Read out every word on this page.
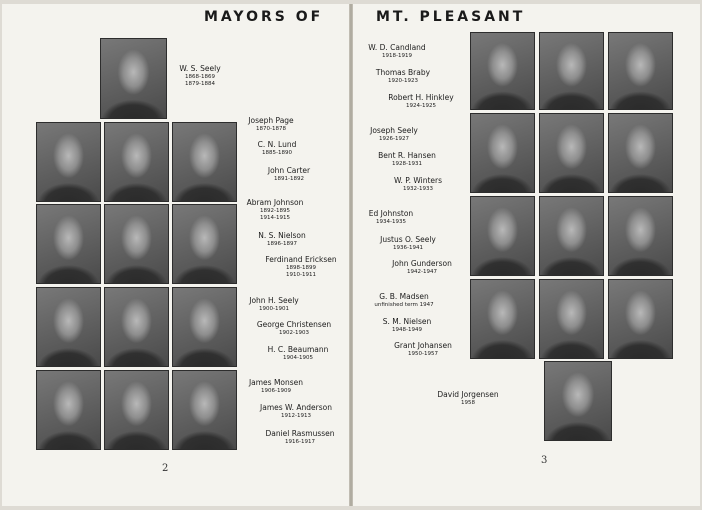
MAYORS OF	MT. PLEASANT
W. S. Seely
1868-1869
1879-1884
Joseph Page
1870-1878
C. N. Lund
1885-1890
John Carter
1891-1892
Abram Johnson
1892-1895
1914-1915
N. S. Nielson
1896-1897
Ferdinand Ericksen
1898-1899
1910-1911
John H. Seely
1900-1901
George Christensen
1902-1903
H. C. Beaumann
1904-1905
James Monsen
1906-1909
James W. Anderson
1912-1913
Daniel Rasmussen
1916-1917
W. D. Candland
1918-1919
Thomas Braby
1920-1923
Robert H. Hinkley
1924-1925
Joseph Seely
1926-1927
Bent R. Hansen
1928-1931
W. P. Winters
1932-1933
Ed Johnston
1934-1935
Justus O. Seely
1936-1941
John Gunderson
1942-1947
G. B. Madsen
unfinished term 1947
S. M. Nielsen
1948-1949
Grant Johansen
1950-1957
David Jorgensen
1958
2
3
